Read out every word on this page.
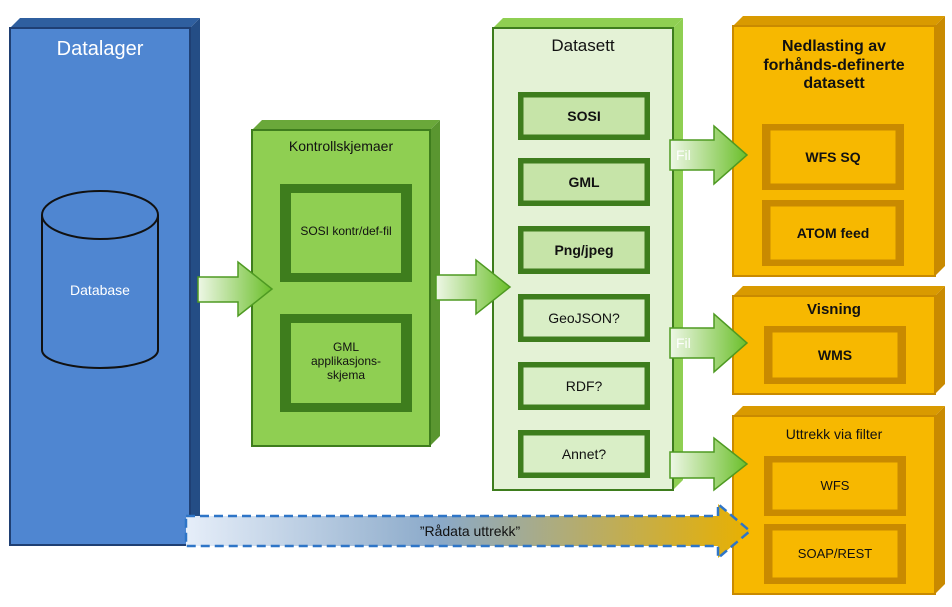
Datalager
Database
Kontrollskjemaer
SOSI kontr/def-fil
GML applikasjons-skjema
Datasett
SOSI
GML
Png/jpeg
GeoJSON?
RDF?
Annet?
Nedlasting av forhånds-definerte datasett
WFS SQ
ATOM feed
Visning
WMS
Uttrekk via filter
WFS
SOAP/REST
Fil
Fil
”Rådata uttrekk”
